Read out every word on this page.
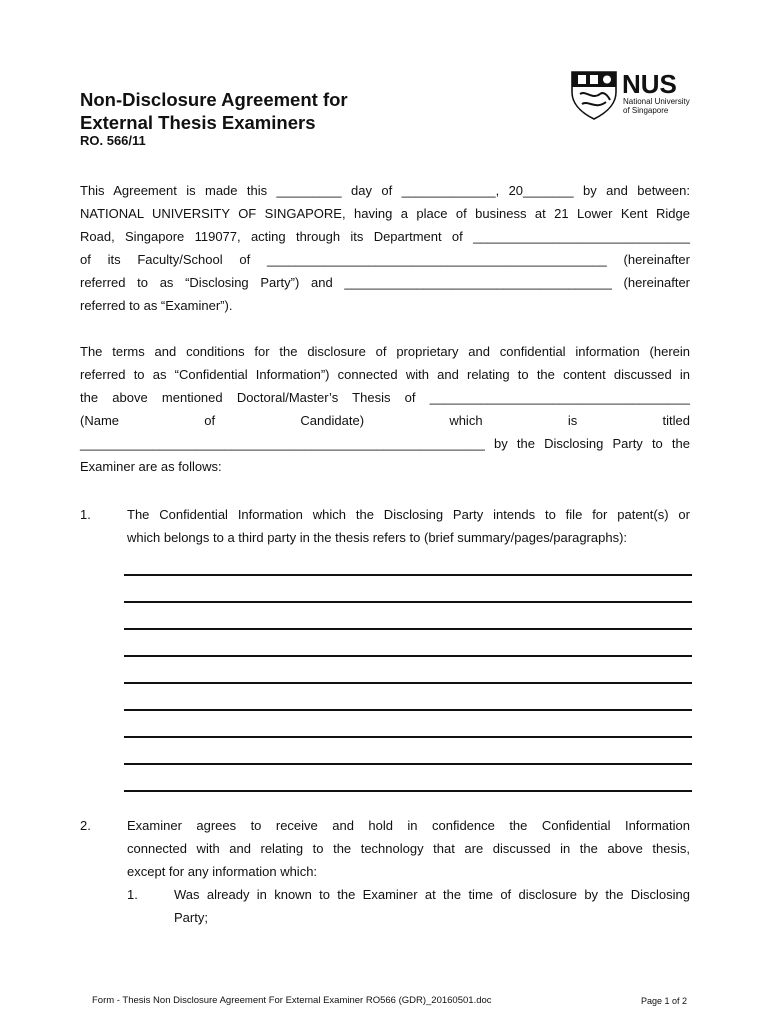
Non-Disclosure Agreement for
External Thesis Examiners
RO. 566/11
NUS
National University
of Singapore
This Agreement is made this _________ day of _____________, 20_______ by and between:
NATIONAL UNIVERSITY OF SINGAPORE, having a place of business at 21 Lower Kent Ridge
Road, Singapore 119077, acting through its Department of ______________________________
of its Faculty/School of _______________________________________________ (hereinafter
referred to as “Disclosing Party”) and _____________________________________ (hereinafter
referred to as “Examiner”).
The terms and conditions for the disclosure of proprietary and confidential information (herein
referred to as “Confidential Information”) connected with and relating to the content discussed in
the above mentioned Doctoral/Master’s Thesis of ____________________________________
(Name	of	Candidate)	which	is	titled
________________________________________________________ by the Disclosing Party to the
Examiner are as follows:
1.	The Confidential Information which the Disclosing Party intends to file for patent(s) or
which belongs to a third party in the thesis refers to (brief summary/pages/paragraphs):
2.	Examiner agrees to receive and hold in confidence the Confidential Information
connected with and relating to the technology that are discussed in the above thesis,
except for any information which:
1.	Was already in known to the Examiner at the time of disclosure by the Disclosing
Party;
Form - Thesis Non Disclosure Agreement For External Examiner RO566 (GDR)_20160501.doc	Page 1 of 2
